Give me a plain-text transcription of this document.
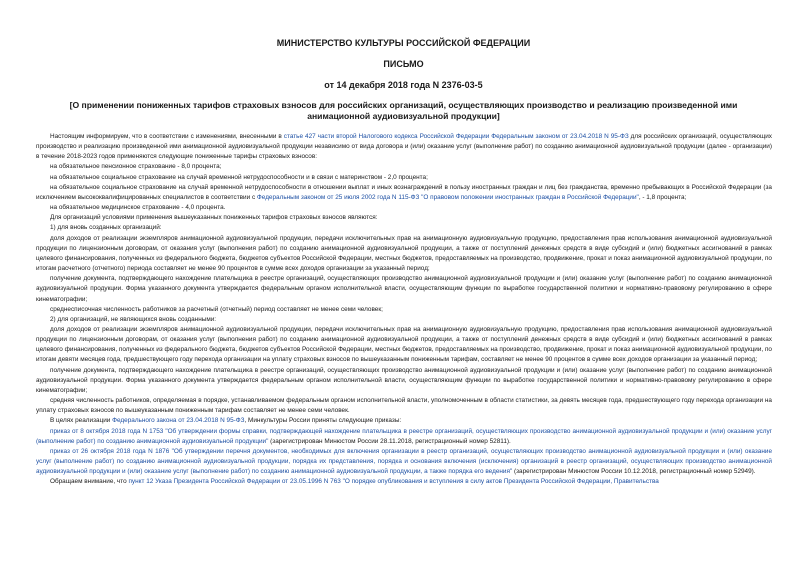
МИНИСТЕРСТВО КУЛЬТУРЫ РОССИЙСКОЙ ФЕДЕРАЦИИ
ПИСЬМО
от 14 декабря 2018 года N 2376-03-5
[О применении пониженных тарифов страховых взносов для российских организаций, осуществляющих производство и реализацию произведенной ими анимационной аудиовизуальной продукции]

Настоящим информируем, что в соответствии с изменениями, внесенными в статье 427 части второй Налогового кодекса Российской Федерации Федеральным законом от 23.04.2018 N 95-ФЗ для российских организаций, осуществляющих производство и реализацию произведенной ими анимационной аудиовизуальной продукции независимо от вида договора и (или) оказание услуг (выполнение работ) по созданию анимационной аудиовизуальной продукции (далее - организации) в течение 2018-2023 годов применяются следующие пониженные тарифы страховых взносов:

на обязательное пенсионное страхование - 8,0 процента;

на обязательное социальное страхование на случай временной нетрудоспособности и в связи с материнством - 2,0 процента;

на обязательное социальное страхование на случай временной нетрудоспособности в отношении выплат и иных вознаграждений в пользу иностранных граждан и лиц без гражданства, временно пребывающих в Российской Федерации (за исключением высококвалифицированных специалистов в соответствии с Федеральным законом от 25 июля 2002 года N 115-ФЗ "О правовом положении иностранных граждан в Российской Федерации", - 1,8 процента;

на обязательное медицинское страхование - 4,0 процента.

Для организаций условиями применения вышеуказанных пониженных тарифов страховых взносов являются:

1) для вновь созданных организаций:

доля доходов от реализации экземпляров анимационной аудиовизуальной продукции, передачи исключительных прав на анимационную аудиовизуальную продукцию, предоставления прав использования анимационной аудиовизуальной продукции по лицензионным договорам, от оказания услуг (выполнения работ) по созданию анимационной аудиовизуальной продукции, а также от поступлений денежных средств в виде субсидий и (или) бюджетных ассигнований в рамках целевого финансирования, полученных из федерального бюджета, бюджетов субъектов Российской Федерации, местных бюджетов, предоставляемых на производство, продвижение, прокат и показ анимационной аудиовизуальной продукции, по итогам расчетного (отчетного) периода составляет не менее 90 процентов в сумме всех доходов организации за указанный период;

получение документа, подтверждающего нахождение плательщика в реестре организаций, осуществляющих производство анимационной аудиовизуальной продукции и (или) оказание услуг (выполнение работ) по созданию анимационной аудиовизуальной продукции. Форма указанного документа утверждается федеральным органом исполнительной власти, осуществляющим функции по выработке государственной политики и нормативно-правовому регулированию в сфере кинематографии;

среднесписочная численность работников за расчетный (отчетный) период составляет не менее семи человек;

2) для организаций, не являющихся вновь созданными:

доля доходов от реализации экземпляров анимационной аудиовизуальной продукции, передачи исключительных прав на анимационную аудиовизуальную продукцию, предоставления прав использования анимационной аудиовизуальной продукции по лицензионным договорам, от оказания услуг (выполнения работ) по созданию анимационной аудиовизуальной продукции, а также от поступлений денежных средств в виде субсидий и (или) бюджетных ассигнований в рамках целевого финансирования, полученных из федерального бюджета, бюджетов субъектов Российской Федерации, местных бюджетов, предоставляемых на производство, продвижение, прокат и показ анимационной аудиовизуальной продукции, по итогам девяти месяцев года, предшествующего году перехода организации на уплату страховых взносов по вышеуказанным пониженным тарифам, составляет не менее 90 процентов в сумме всех доходов организации за указанный период;

получение документа, подтверждающего нахождение плательщика в реестре организаций, осуществляющих производство анимационной аудиовизуальной продукции и (или) оказание услуг (выполнение работ) по созданию анимационной аудиовизуальной продукции. Форма указанного документа утверждается федеральным органом исполнительной власти, осуществляющим функции по выработке государственной политики и нормативно-правовому регулированию в сфере кинематографии;

средняя численность работников, определяемая в порядке, устанавливаемом федеральным органом исполнительной власти, уполномоченным в области статистики, за девять месяцев года, предшествующего году перехода организации на уплату страховых взносов по вышеуказанным пониженным тарифам составляет не менее семи человек.

В целях реализации Федерального закона от 23.04.2018 N 95-ФЗ, Минкультуры России приняты следующие приказы:

приказ от 8 октября 2018 года N 1753 "Об утверждении формы справки, подтверждающей нахождение плательщика в реестре организаций, осуществляющих производство анимационной аудиовизуальной продукции и (или) оказание услуг (выполнение работ) по созданию анимационной аудиовизуальной продукции" (зарегистрирован Минюстом России 28.11.2018, регистрационный номер 52811).

приказ от 26 октября 2018 года N 1876 "Об утверждении перечня документов, необходимых для включения организации в реестр организаций, осуществляющих производство анимационной аудиовизуальной продукции и (или) оказание услуг (выполнение работ) по созданию анимационной аудиовизуальной продукции, порядка их представления, порядка и основания включения (исключения) организаций в реестр организаций, осуществляющих производство анимационной аудиовизуальной продукции и (или) оказание услуг (выполнение работ) по созданию анимационной аудиовизуальной продукции, а также порядка его ведения" (зарегистрирован Минюстом России 10.12.2018, регистрационный номер 52949).

Обращаем внимание, что пункт 12 Указа Президента Российской Федерации от 23.05.1996 N 763 "О порядке опубликования и вступления в силу актов Президента Российской Федерации, Правительства
